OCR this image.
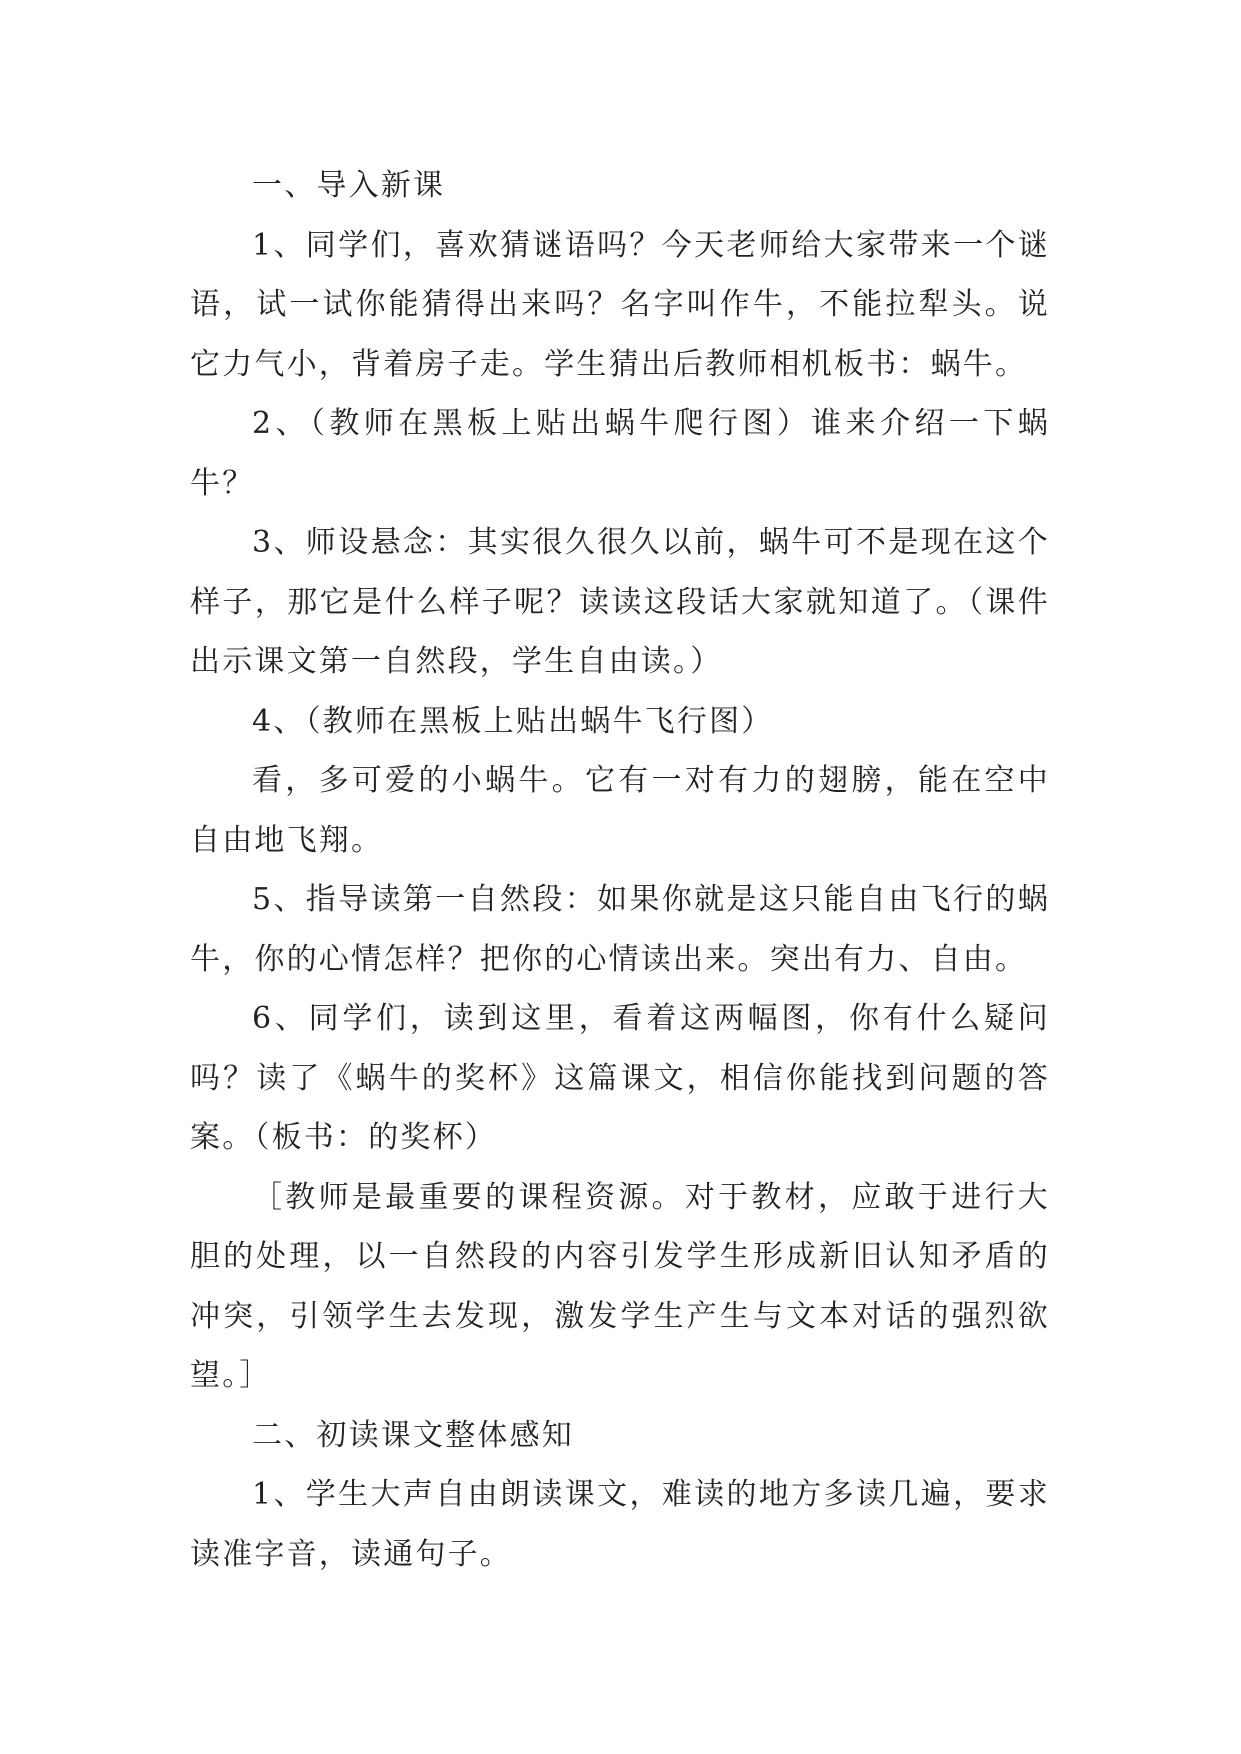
一、导入新课

1、同学们，喜欢猜谜语吗？今天老师给大家带来一个谜语，试一试你能猜得出来吗？名字叫作牛，不能拉犁头。说它力气小，背着房子走。学生猜出后教师相机板书：蜗牛。

2、（教师在黑板上贴出蜗牛爬行图）谁来介绍一下蜗牛？

3、师设悬念：其实很久很久以前，蜗牛可不是现在这个样子，那它是什么样子呢？读读这段话大家就知道了。（课件出示课文第一自然段，学生自由读。）

4、（教师在黑板上贴出蜗牛飞行图）

看，多可爱的小蜗牛。它有一对有力的翅膀，能在空中自由地飞翔。

5、指导读第一自然段：如果你就是这只能自由飞行的蜗牛，你的心情怎样？把你的心情读出来。突出有力、自由。

6、同学们，读到这里，看着这两幅图，你有什么疑问吗？读了《蜗牛的奖杯》这篇课文，相信你能找到问题的答案。（板书：的奖杯）

［教师是最重要的课程资源。对于教材，应敢于进行大胆的处理，以一自然段的内容引发学生形成新旧认知矛盾的冲突，引领学生去发现，激发学生产生与文本对话的强烈欲望。］

二、初读课文整体感知

1、学生大声自由朗读课文，难读的地方多读几遍，要求读准字音，读通句子。
